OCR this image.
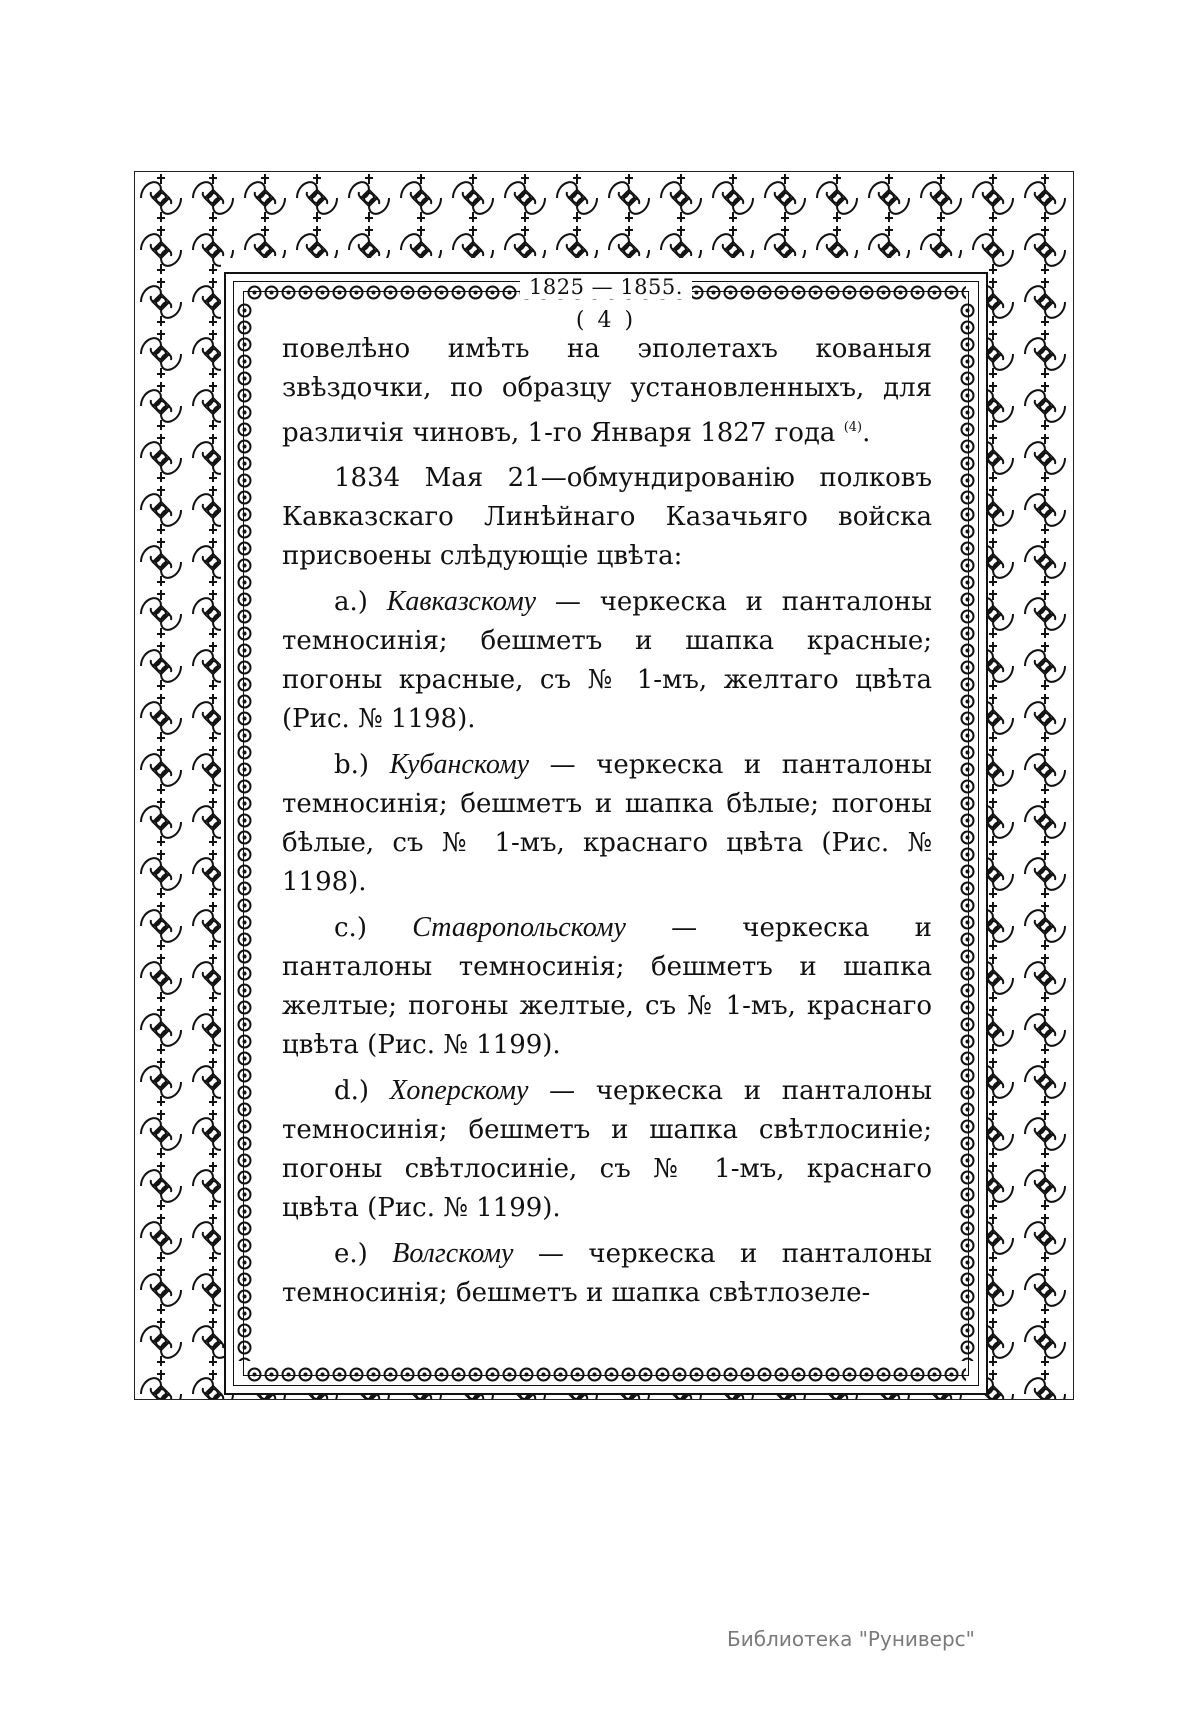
1825 — 1855.
( 4 )

повелѣно имѣть на эполетахъ кованыя звѣздочки, по образцу установленныхъ, для различія чиновъ, 1-го Января 1827 года $^{(4)}$.

1834 Мая 21—обмундированію полковъ Кавказскаго Линѣйнаго Казачьяго войска присвоены слѣдующіе цвѣта:

a.) Кавказскому — черкеска и панталоны темносинія; бешметъ и шапка красные; погоны красные, съ № 1-мъ, желтаго цвѣта (Рис. № 1198).

b.) Кубанскому — черкеска и панталоны темносинія; бешметъ и шапка бѣлые; погоны бѣлые, съ № 1-мъ, краснаго цвѣта (Рис. № 1198).

c.) Ставропольскому — черкеска и панталоны темносинія; бешметъ и шапка желтые; погоны желтые, съ № 1-мъ, краснаго цвѣта (Рис. № 1199).

d.) Хоперскому — черкеска и панталоны темносинія; бешметъ и шапка свѣтлосиніе; погоны свѣтлосиніе, съ № 1-мъ, краснаго цвѣта (Рис. № 1199).

e.) Волгскому — черкеска и панталоны темносинія; бешметъ и шапка свѣтлозеле-

Библиотека "Руниверс"
